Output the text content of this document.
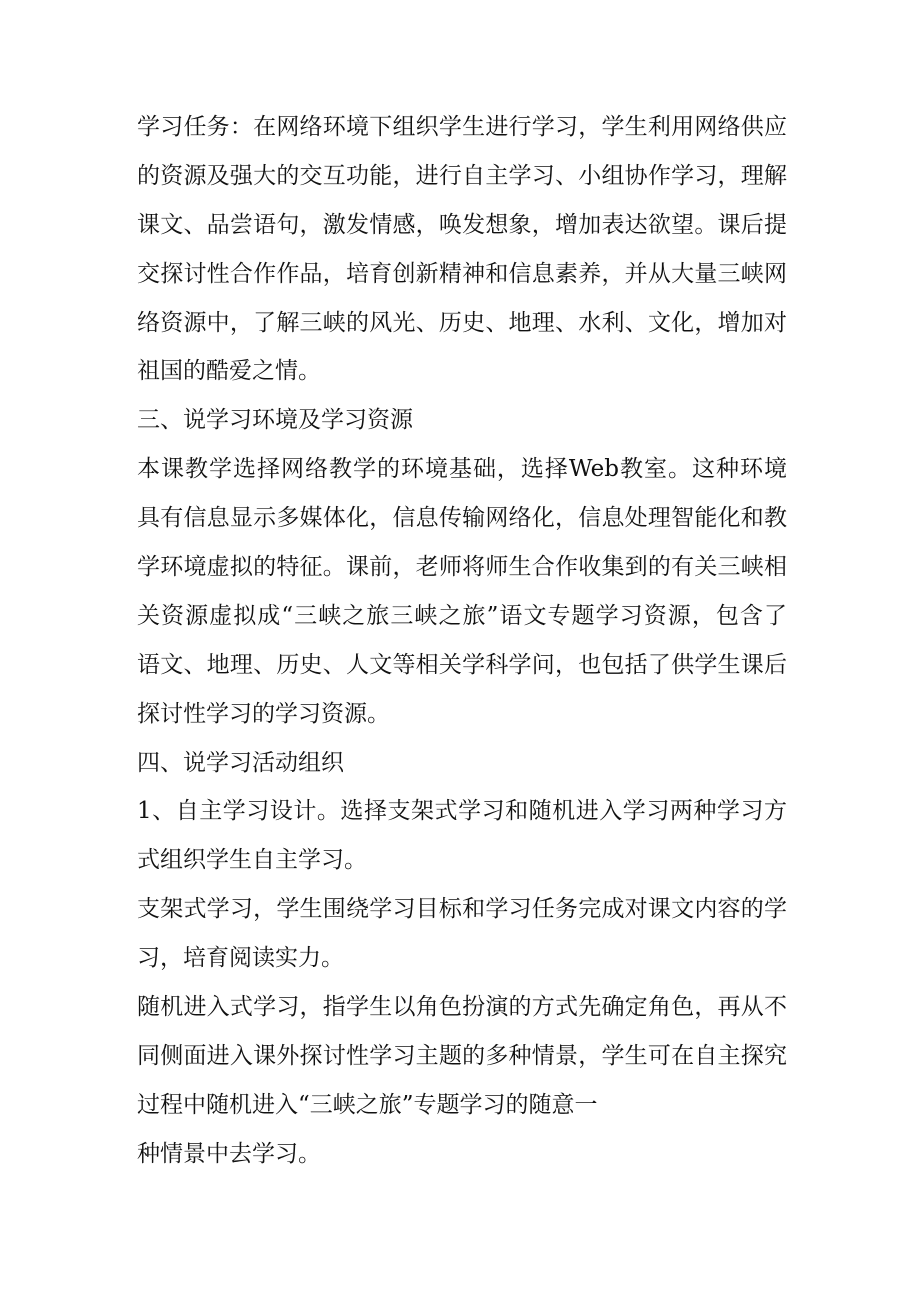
学习任务：在网络环境下组织学生进行学习，学生利用网络供应
的资源及强大的交互功能，进行自主学习、小组协作学习，理解
课文、品尝语句，激发情感，唤发想象，增加表达欲望。课后提
交探讨性合作作品，培育创新精神和信息素养，并从大量三峡网
络资源中，了解三峡的风光、历史、地理、水利、文化，增加对
祖国的酷爱之情。
三、说学习环境及学习资源
本课教学选择网络教学的环境基础，选择Web教室。这种环境
具有信息显示多媒体化，信息传输网络化，信息处理智能化和教
学环境虚拟的特征。课前，老师将师生合作收集到的有关三峡相
关资源虚拟成“三峡之旅三峡之旅”语文专题学习资源，包含了
语文、地理、历史、人文等相关学科学问，也包括了供学生课后
探讨性学习的学习资源。
四、说学习活动组织
1、自主学习设计。选择支架式学习和随机进入学习两种学习方
式组织学生自主学习。
支架式学习，学生围绕学习目标和学习任务完成对课文内容的学
习，培育阅读实力。
随机进入式学习，指学生以角色扮演的方式先确定角色，再从不
同侧面进入课外探讨性学习主题的多种情景，学生可在自主探究
过程中随机进入“三峡之旅”专题学习的随意一
种情景中去学习。
